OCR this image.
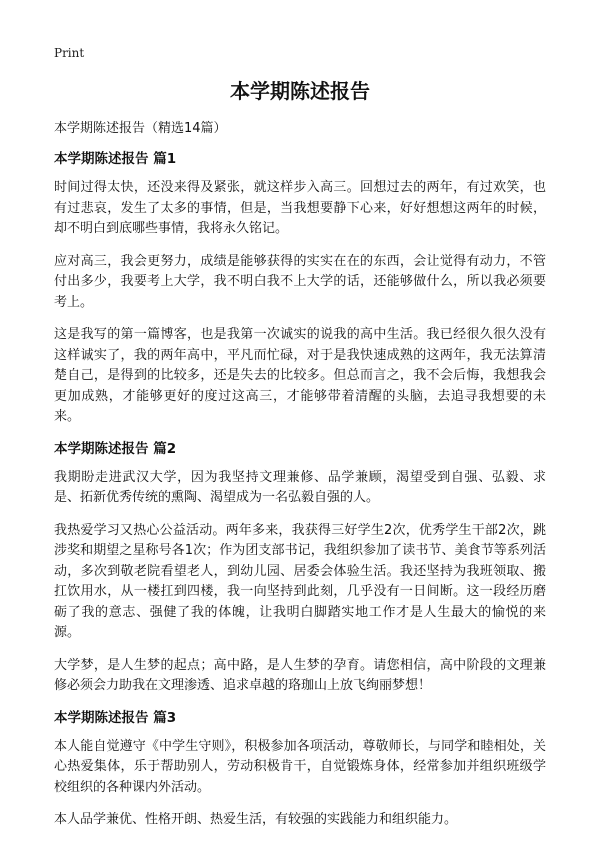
Print
本学期陈述报告

本学期陈述报告（精选14篇）

本学期陈述报告 篇1

时间过得太快，还没来得及紧张，就这样步入高三。回想过去的两年，有过欢笑，也有过悲哀，发生了太多的事情，但是，当我想要静下心来，好好想想这两年的时候，却不明白到底哪些事情，我将永久铭记。

应对高三，我会更努力，成绩是能够获得的实实在在的东西，会让觉得有动力，不管付出多少，我要考上大学，我不明白我不上大学的话，还能够做什么，所以我必须要考上。

这是我写的第一篇博客，也是我第一次诚实的说我的高中生活。我已经很久很久没有这样诚实了，我的两年高中，平凡而忙碌，对于是我快速成熟的这两年，我无法算清楚自己，是得到的比较多，还是失去的比较多。但总而言之，我不会后悔，我想我会更加成熟，才能够更好的度过这高三，才能够带着清醒的头脑，去追寻我想要的未来。

本学期陈述报告 篇2

我期盼走进武汉大学，因为我坚持文理兼修、品学兼顾，渴望受到自强、弘毅、求是、拓新优秀传统的熏陶、渴望成为一名弘毅自强的人。

我热爱学习又热心公益活动。两年多来，我获得三好学生2次，优秀学生干部2次，跳涉奖和期望之星称号各1次；作为团支部书记，我组织参加了读书节、美食节等系列活动，多次到敬老院看望老人，到幼儿园、居委会体验生活。我还坚持为我班领取、搬扛饮用水，从一楼扛到四楼，我一向坚持到此刻，几乎没有一日间断。这一段经历磨砺了我的意志、强健了我的体魄，让我明白脚踏实地工作才是人生最大的愉悦的来源。

大学梦，是人生梦的起点；高中路，是人生梦的孕育。请您相信，高中阶段的文理兼修必须会力助我在文理渗透、追求卓越的珞珈山上放飞绚丽梦想！

本学期陈述报告 篇3

本人能自觉遵守《中学生守则》，积极参加各项活动，尊敬师长，与同学和睦相处，关心热爱集体，乐于帮助别人，劳动积极肯干，自觉锻炼身体，经常参加并组织班级学校组织的各种课内外活动。

本人品学兼优、性格开朗、热爱生活，有较强的实践能力和组织能力。
